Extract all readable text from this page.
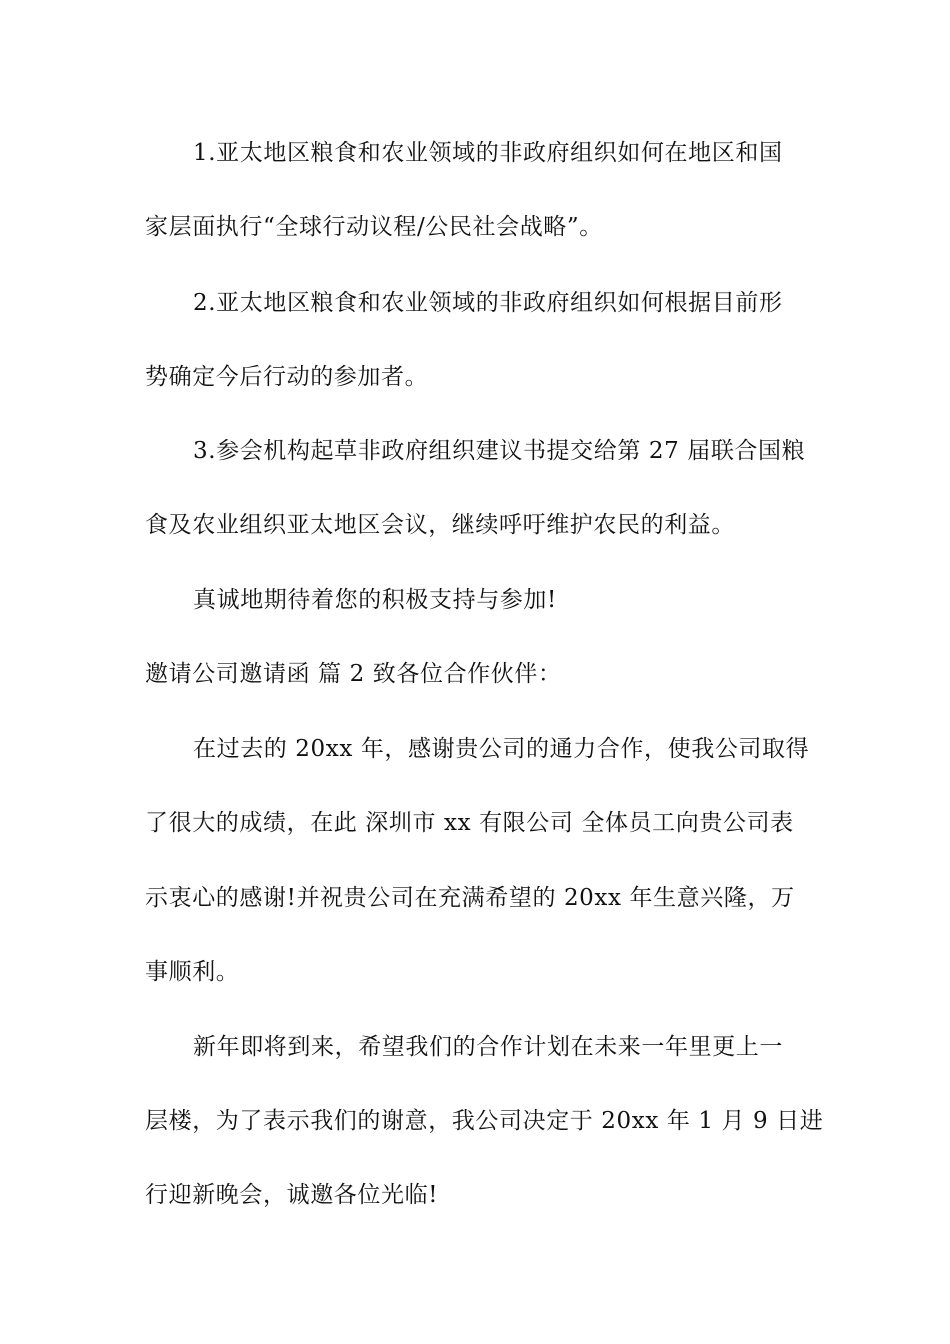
1.亚太地区粮食和农业领域的非政府组织如何在地区和国
家层面执行“全球行动议程/公民社会战略”。
2.亚太地区粮食和农业领域的非政府组织如何根据目前形
势确定今后行动的参加者。
3.参会机构起草非政府组织建议书提交给第 27 届联合国粮
食及农业组织亚太地区会议，继续呼吁维护农民的利益。
真诚地期待着您的积极支持与参加!
邀请公司邀请函 篇 2 致各位合作伙伴：
在过去的 20xx 年，感谢贵公司的通力合作，使我公司取得
了很大的成绩，在此 深圳市 xx 有限公司 全体员工向贵公司表
示衷心的感谢!并祝贵公司在充满希望的 20xx 年生意兴隆，万
事顺利。
新年即将到来，希望我们的合作计划在未来一年里更上一
层楼，为了表示我们的谢意，我公司决定于 20xx 年 1 月 9 日进
行迎新晚会，诚邀各位光临!
